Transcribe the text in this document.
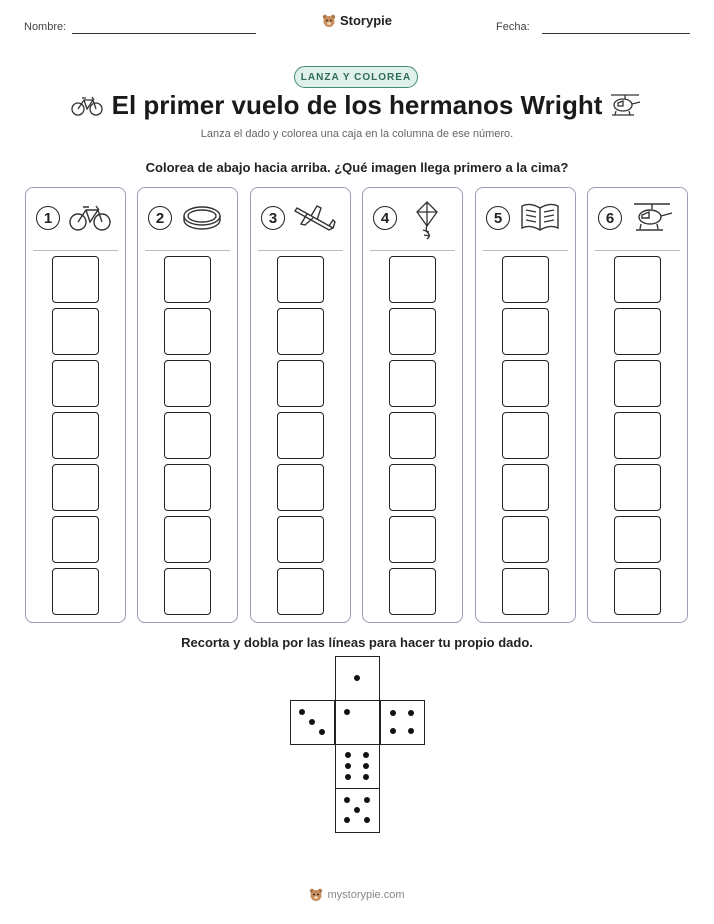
Nombre:	Storypie	Fecha:
LANZA Y COLOREA
El primer vuelo de los hermanos Wright
Lanza el dado y colorea una caja en la columna de ese número.
Colorea de abajo hacia arriba. ¿Qué imagen llega primero a la cima?
1	2	3	4	5	6
Recorta y dobla por las líneas para hacer tu propio dado.
mystorypie.com
